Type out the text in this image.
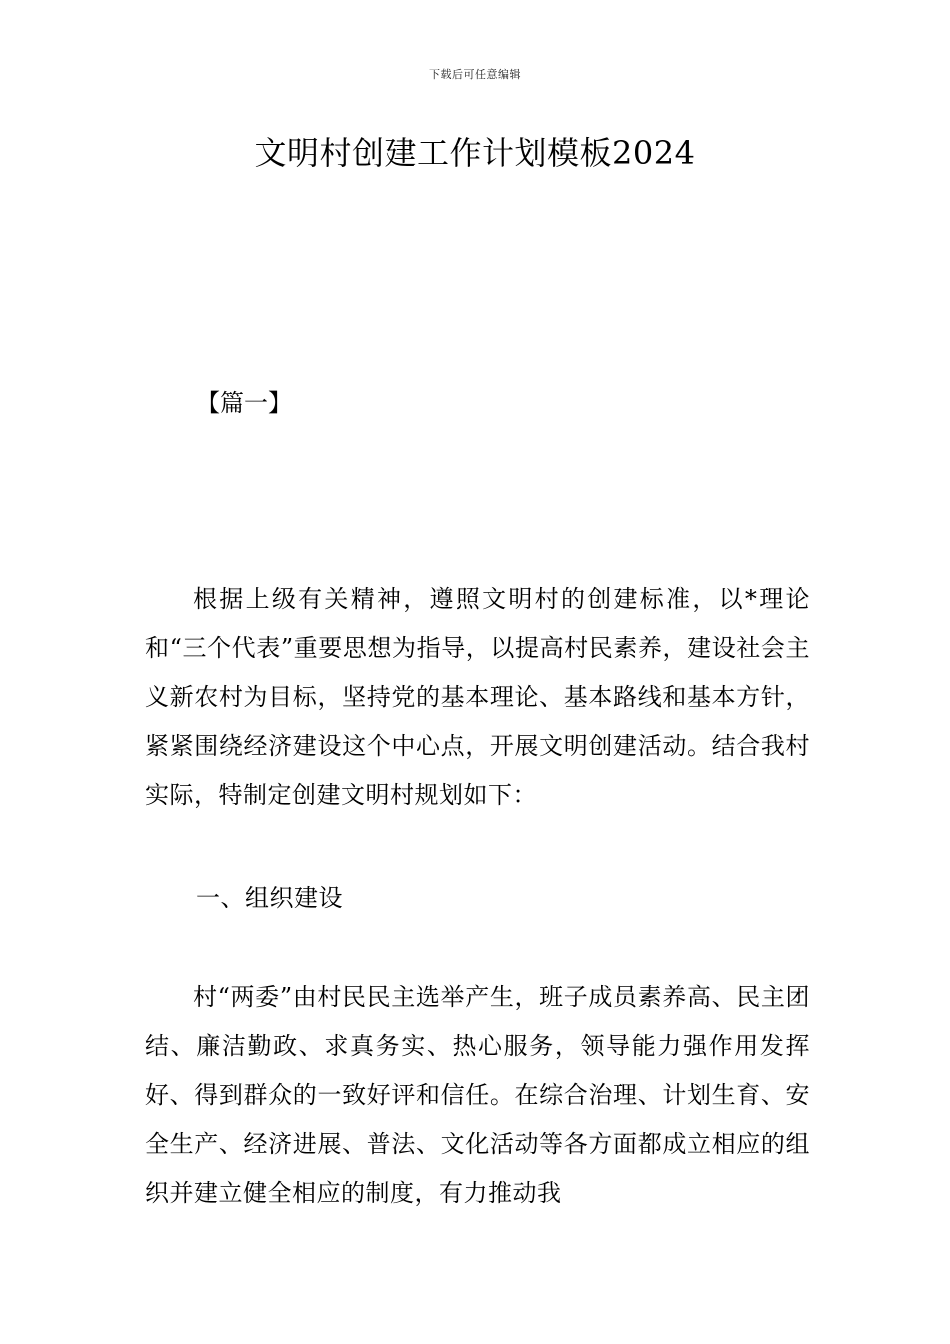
下载后可任意编辑
文明村创建工作计划模板2024

【篇一】

根据上级有关精神，遵照文明村的创建标准，以*理论和“三个代表”重要思想为指导，以提高村民素养，建设社会主义新农村为目标，坚持党的基本理论、基本路线和基本方针，紧紧围绕经济建设这个中心点，开展文明创建活动。结合我村实际，特制定创建文明村规划如下：

一、组织建设

村“两委”由村民民主选举产生，班子成员素养高、民主团结、廉洁勤政、求真务实、热心服务，领导能力强作用发挥好、得到群众的一致好评和信任。在综合治理、计划生育、安全生产、经济进展、普法、文化活动等各方面都成立相应的组织并建立健全相应的制度，有力推动我
